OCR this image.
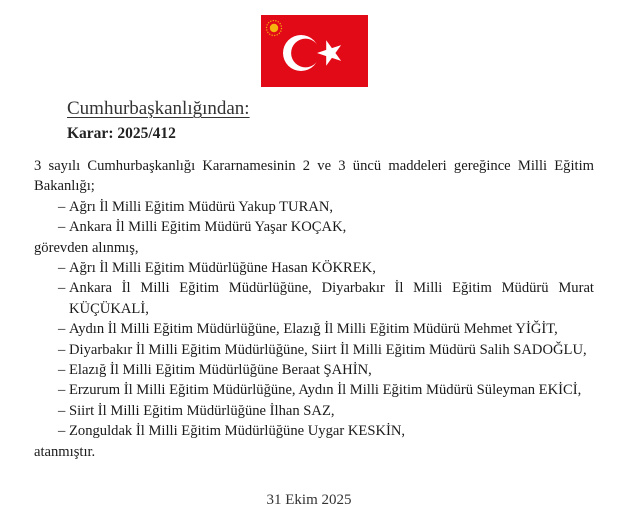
Cumhurbaşkanlığından:
Karar: 2025/412

3 sayılı Cumhurbaşkanlığı Kararnamesinin 2 ve 3 üncü maddeleri gereğince Milli Eğitim Bakanlığı;

– Ağrı İl Milli Eğitim Müdürü Yakup TURAN,

– Ankara İl Milli Eğitim Müdürü Yaşar KOÇAK,

görevden alınmış,

– Ağrı İl Milli Eğitim Müdürlüğüne Hasan KÖKREK,

– Ankara İl Milli Eğitim Müdürlüğüne, Diyarbakır İl Milli Eğitim Müdürü Murat KÜÇÜKALİ,

– Aydın İl Milli Eğitim Müdürlüğüne, Elazığ İl Milli Eğitim Müdürü Mehmet YİĞİT,

– Diyarbakır İl Milli Eğitim Müdürlüğüne, Siirt İl Milli Eğitim Müdürü Salih SADOĞLU,

– Elazığ İl Milli Eğitim Müdürlüğüne Beraat ŞAHİN,

– Erzurum İl Milli Eğitim Müdürlüğüne, Aydın İl Milli Eğitim Müdürü Süleyman EKİCİ,

– Siirt İl Milli Eğitim Müdürlüğüne İlhan SAZ,

– Zonguldak İl Milli Eğitim Müdürlüğüne Uygar KESKİN,

atanmıştır.

31 Ekim 2025
